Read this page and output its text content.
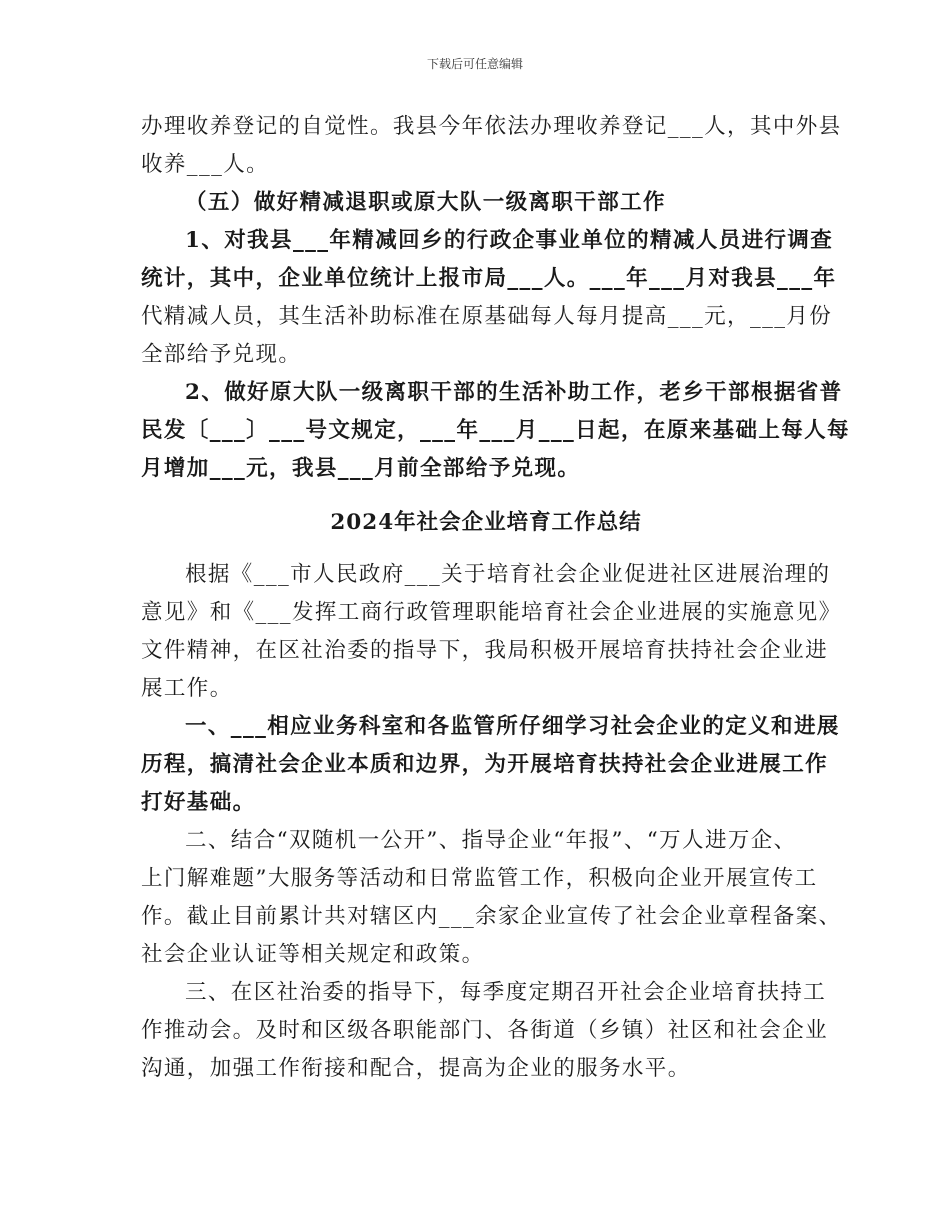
下载后可任意编辑

办理收养登记的自觉性。我县今年依法办理收养登记___人，其中外县

收养___人。

（五）做好精减退职或原大队一级离职干部工作

1、对我县___年精减回乡的行政企事业单位的精减人员进行调查

统计，其中，企业单位统计上报市局___人。___年___月对我县___年

代精减人员，其生活补助标准在原基础每人每月提高___元，___月份

全部给予兑现。

2、做好原大队一级离职干部的生活补助工作，老乡干部根据省普

民发〔___〕___号文规定，___年___月___日起，在原来基础上每人每

月增加___元，我县___月前全部给予兑现。

2024年社会企业培育工作总结

根据《___市人民政府___关于培育社会企业促进社区进展治理的

意见》和《___发挥工商行政管理职能培育社会企业进展的实施意见》

文件精神，在区社治委的指导下，我局积极开展培育扶持社会企业进

展工作。

一、___相应业务科室和各监管所仔细学习社会企业的定义和进展

历程，搞清社会企业本质和边界，为开展培育扶持社会企业进展工作

打好基础。

二、结合“双随机一公开”、指导企业“年报”、“万人进万企、

上门解难题”大服务等活动和日常监管工作，积极向企业开展宣传工

作。截止目前累计共对辖区内___余家企业宣传了社会企业章程备案、

社会企业认证等相关规定和政策。

三、在区社治委的指导下，每季度定期召开社会企业培育扶持工

作推动会。及时和区级各职能部门、各街道（乡镇）社区和社会企业

沟通，加强工作衔接和配合，提高为企业的服务水平。
